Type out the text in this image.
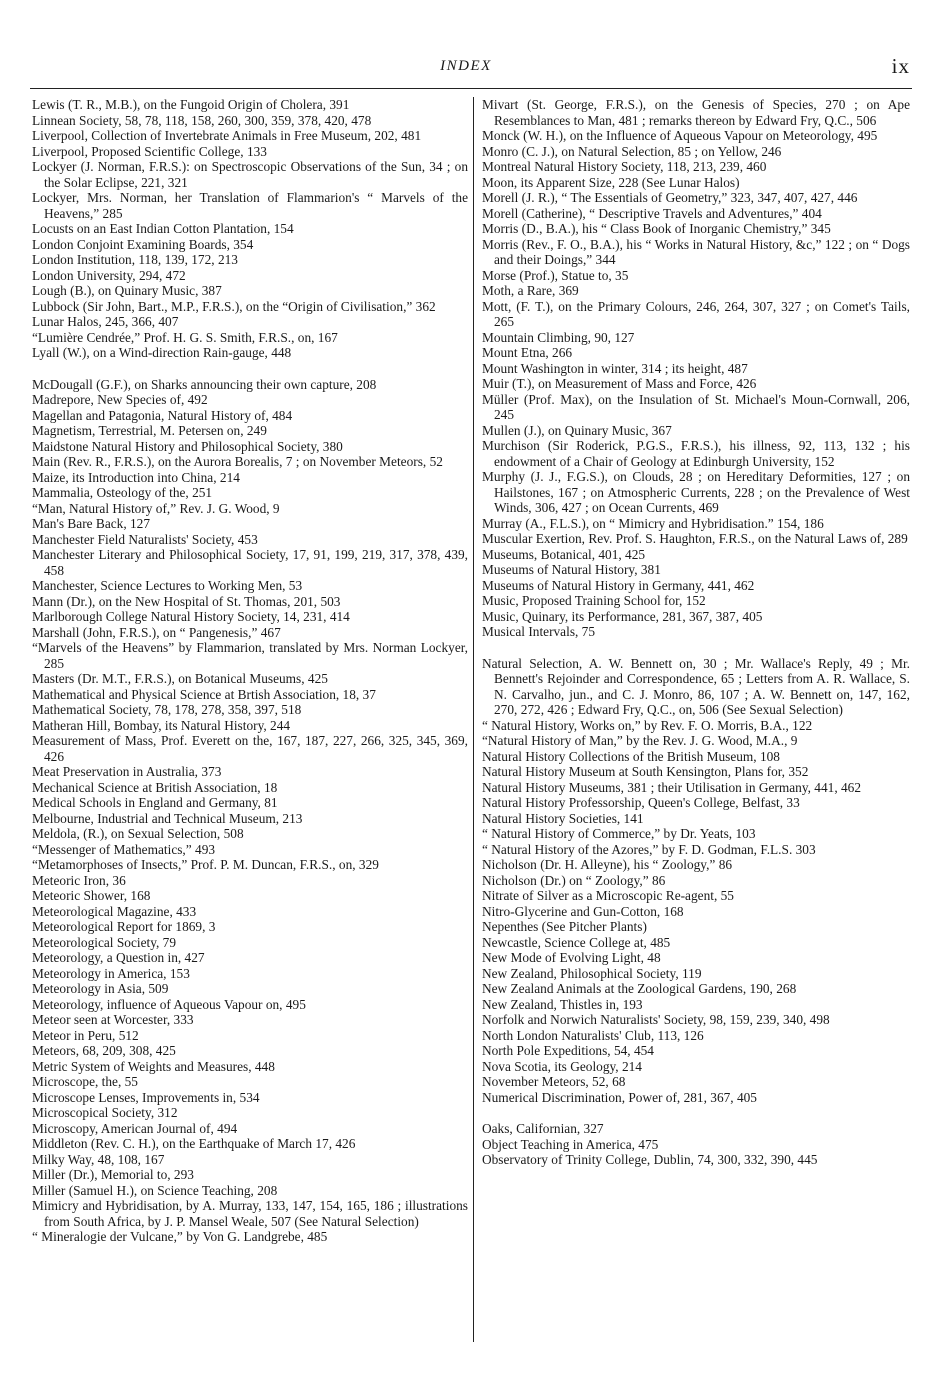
INDEX	ix

Lewis (T. R., M.B.), on the Fungoid Origin of Cholera, 391

Linnean Society, 58, 78, 118, 158, 260, 300, 359, 378, 420, 478

Liverpool, Collection of Invertebrate Animals in Free Museum, 202, 481

Liverpool, Proposed Scientific College, 133

Lockyer (J. Norman, F.R.S.): on Spectroscopic Observations of the Sun, 34 ; on the Solar Eclipse, 221, 321

Lockyer, Mrs. Norman, her Translation of Flammarion's “ Marvels of the Heavens,” 285

Locusts on an East Indian Cotton Plantation, 154

London Conjoint Examining Boards, 354

London Institution, 118, 139, 172, 213

London University, 294, 472

Lough (B.), on Quinary Music, 387

Lubbock (Sir John, Bart., M.P., F.R.S.), on the “Origin of Civilisation,” 362

Lunar Halos, 245, 366, 407

“Lumière Cendrée,” Prof. H. G. S. Smith, F.R.S., on, 167

Lyall (W.), on a Wind-direction Rain-gauge, 448

McDougall (G.F.), on Sharks announcing their own capture, 208

Madrepore, New Species of, 492

Magellan and Patagonia, Natural History of, 484

Magnetism, Terrestrial, M. Petersen on, 249

Maidstone Natural History and Philosophical Society, 380

Main (Rev. R., F.R.S.), on the Aurora Borealis, 7 ; on November Meteors, 52

Maize, its Introduction into China, 214

Mammalia, Osteology of the, 251

“Man, Natural History of,” Rev. J. G. Wood, 9

Man's Bare Back, 127

Manchester Field Naturalists' Society, 453

Manchester Literary and Philosophical Society, 17, 91, 199, 219, 317, 378, 439, 458

Manchester, Science Lectures to Working Men, 53

Mann (Dr.), on the New Hospital of St. Thomas, 201, 503

Marlborough College Natural History Society, 14, 231, 414

Marshall (John, F.R.S.), on “ Pangenesis,” 467

“Marvels of the Heavens” by Flammarion, translated by Mrs. Norman Lockyer, 285

Masters (Dr. M.T., F.R.S.), on Botanical Museums, 425

Mathematical and Physical Science at Brtish Association, 18, 37

Mathematical Society, 78, 178, 278, 358, 397, 518

Matheran Hill, Bombay, its Natural History, 244

Measurement of Mass, Prof. Everett on the, 167, 187, 227, 266, 325, 345, 369, 426

Meat Preservation in Australia, 373

Mechanical Science at British Association, 18

Medical Schools in England and Germany, 81

Melbourne, Industrial and Technical Museum, 213

Meldola, (R.), on Sexual Selection, 508

“Messenger of Mathematics,” 493

“Metamorphoses of Insects,” Prof. P. M. Duncan, F.R.S., on, 329

Meteoric Iron, 36

Meteoric Shower, 168

Meteorological Magazine, 433

Meteorological Report for 1869, 3

Meteorological Society, 79

Meteorology, a Question in, 427

Meteorology in America, 153

Meteorology in Asia, 509

Meteorology, influence of Aqueous Vapour on, 495

Meteor seen at Worcester, 333

Meteor in Peru, 512

Meteors, 68, 209, 308, 425

Metric System of Weights and Measures, 448

Microscope, the, 55

Microscope Lenses, Improvements in, 534

Microscopical Society, 312

Microscopy, American Journal of, 494

Middleton (Rev. C. H.), on the Earthquake of March 17, 426

Milky Way, 48, 108, 167

Miller (Dr.), Memorial to, 293

Miller (Samuel H.), on Science Teaching, 208

Mimicry and Hybridisation, by A. Murray, 133, 147, 154, 165, 186 ; illustrations from South Africa, by J. P. Mansel Weale, 507 (See Natural Selection)

“ Mineralogie der Vulcane,” by Von G. Landgrebe, 485

Mivart (St. George, F.R.S.), on the Genesis of Species, 270 ; on Ape Resemblances to Man, 481 ; remarks thereon by Edward Fry, Q.C., 506

Monck (W. H.), on the Influence of Aqueous Vapour on Meteorology, 495

Monro (C. J.), on Natural Selection, 85 ; on Yellow, 246

Montreal Natural History Society, 118, 213, 239, 460

Moon, its Apparent Size, 228 (See Lunar Halos)

Morell (J. R.), “ The Essentials of Geometry,” 323, 347, 407, 427, 446

Morell (Catherine), “ Descriptive Travels and Adventures,” 404

Morris (D., B.A.), his “ Class Book of Inorganic Chemistry,” 345

Morris (Rev., F. O., B.A.), his “ Works in Natural History, &c,” 122 ; on “ Dogs and their Doings,” 344

Morse (Prof.), Statue to, 35

Moth, a Rare, 369

Mott, (F. T.), on the Primary Colours, 246, 264, 307, 327 ; on Comet's Tails, 265

Mountain Climbing, 90, 127

Mount Etna, 266

Mount Washington in winter, 314 ; its height, 487

Muir (T.), on Measurement of Mass and Force, 426

Müller (Prof. Max), on the Insulation of St. Michael's Moun-Cornwall, 206, 245

Mullen (J.), on Quinary Music, 367

Murchison (Sir Roderick, P.G.S., F.R.S.), his illness, 92, 113, 132 ; his endowment of a Chair of Geology at Edinburgh University, 152

Murphy (J. J., F.G.S.), on Clouds, 28 ; on Hereditary Deformities, 127 ; on Hailstones, 167 ; on Atmospheric Currents, 228 ; on the Prevalence of West Winds, 306, 427 ; on Ocean Currents, 469

Murray (A., F.L.S.), on “ Mimicry and Hybridisation.” 154, 186

Muscular Exertion, Rev. Prof. S. Haughton, F.R.S., on the Natural Laws of, 289

Museums, Botanical, 401, 425

Museums of Natural History, 381

Museums of Natural History in Germany, 441, 462

Music, Proposed Training School for, 152

Music, Quinary, its Performance, 281, 367, 387, 405

Musical Intervals, 75

Natural Selection, A. W. Bennett on, 30 ; Mr. Wallace's Reply, 49 ; Mr. Bennett's Rejoinder and Correspondence, 65 ; Letters from A. R. Wallace, S. N. Carvalho, jun., and C. J. Monro, 86, 107 ; A. W. Bennett on, 147, 162, 270, 272, 426 ; Edward Fry, Q.C., on, 506 (See Sexual Selection)

“ Natural History, Works on,” by Rev. F. O. Morris, B.A., 122

“Natural History of Man,” by the Rev. J. G. Wood, M.A., 9

Natural History Collections of the British Museum, 108

Natural History Museum at South Kensington, Plans for, 352

Natural History Museums, 381 ; their Utilisation in Germany, 441, 462

Natural History Professorship, Queen's College, Belfast, 33

Natural History Societies, 141

“ Natural History of Commerce,” by Dr. Yeats, 103

“ Natural History of the Azores,” by F. D. Godman, F.L.S. 303

Nicholson (Dr. H. Alleyne), his “ Zoology,” 86

Nicholson (Dr.) on “ Zoology,” 86

Nitrate of Silver as a Microscopic Re-agent, 55

Nitro-Glycerine and Gun-Cotton, 168

Nepenthes (See Pitcher Plants)

Newcastle, Science College at, 485

New Mode of Evolving Light, 48

New Zealand, Philosophical Society, 119

New Zealand Animals at the Zoological Gardens, 190, 268

New Zealand, Thistles in, 193

Norfolk and Norwich Naturalists' Society, 98, 159, 239, 340, 498

North London Naturalists' Club, 113, 126

North Pole Expeditions, 54, 454

Nova Scotia, its Geology, 214

November Meteors, 52, 68

Numerical Discrimination, Power of, 281, 367, 405

Oaks, Californian, 327

Object Teaching in America, 475

Observatory of Trinity College, Dublin, 74, 300, 332, 390, 445
